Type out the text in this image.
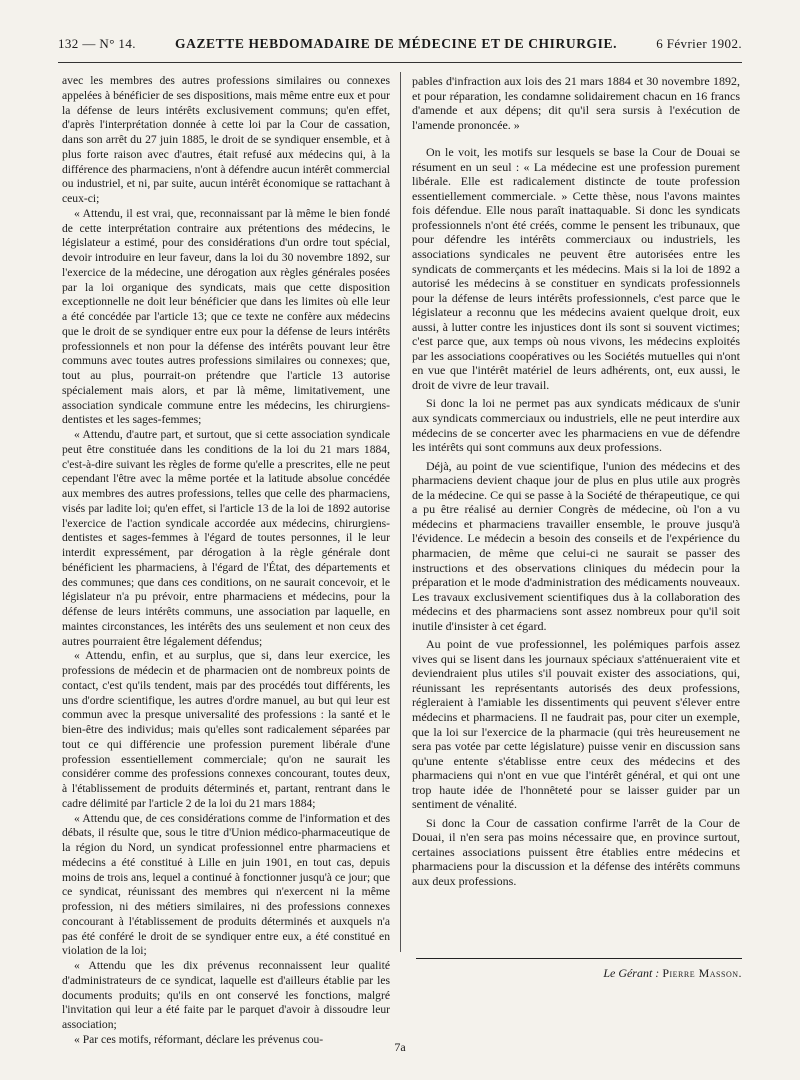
132 — N° 14.	GAZETTE HEBDOMADAIRE DE MÉDECINE ET DE CHIRURGIE.	6 Février 1902.

avec les membres des autres professions similaires ou connexes appelées à bénéficier de ses dispositions, mais même entre eux et pour la défense de leurs intérêts exclusivement communs; qu'en effet, d'après l'interprétation donnée à cette loi par la Cour de cassation, dans son arrêt du 27 juin 1885, le droit de se syndiquer ensemble, et à plus forte raison avec d'autres, était refusé aux médecins qui, à la différence des pharmaciens, n'ont à défendre aucun intérêt commercial ou industriel, et ni, par suite, aucun intérêt économique se rattachant à ceux-ci;

« Attendu, il est vrai, que, reconnaissant par là même le bien fondé de cette interprétation contraire aux prétentions des médecins, le législateur a estimé, pour des considérations d'un ordre tout spécial, devoir introduire en leur faveur, dans la loi du 30 novembre 1892, sur l'exercice de la médecine, une dérogation aux règles générales posées par la loi organique des syndicats, mais que cette disposition exceptionnelle ne doit leur bénéficier que dans les limites où elle leur a été concédée par l'article 13; que ce texte ne confère aux médecins que le droit de se syndiquer entre eux pour la défense de leurs intérêts professionnels et non pour la défense des intérêts pouvant leur être communs avec toutes autres professions similaires ou connexes; que, tout au plus, pourrait-on prétendre que l'article 13 autorise spécialement mais alors, et par là même, limitativement, une association syndicale commune entre les médecins, les chirurgiens-dentistes et les sages-femmes;

« Attendu, d'autre part, et surtout, que si cette association syndicale peut être constituée dans les conditions de la loi du 21 mars 1884, c'est-à-dire suivant les règles de forme qu'elle a prescrites, elle ne peut cependant l'être avec la même portée et la latitude absolue concédée aux membres des autres professions, telles que celle des pharmaciens, visés par ladite loi; qu'en effet, si l'article 13 de la loi de 1892 autorise l'exercice de l'action syndicale accordée aux médecins, chirurgiens-dentistes et sages-femmes à l'égard de toutes personnes, il le leur interdit expressément, par dérogation à la règle générale dont bénéficient les pharmaciens, à l'égard de l'État, des départements et des communes; que dans ces conditions, on ne saurait concevoir, et le législateur n'a pu prévoir, entre pharmaciens et médecins, pour la défense de leurs intérêts communs, une association par laquelle, en maintes circonstances, les intérêts des uns seulement et non ceux des autres pourraient être légalement défendus;

« Attendu, enfin, et au surplus, que si, dans leur exercice, les professions de médecin et de pharmacien ont de nombreux points de contact, c'est qu'ils tendent, mais par des procédés tout différents, les uns d'ordre scientifique, les autres d'ordre manuel, au but qui leur est commun avec la presque universalité des professions : la santé et le bien-être des individus; mais qu'elles sont radicalement séparées par tout ce qui différencie une profession purement libérale d'une profession essentiellement commerciale; qu'on ne saurait les considérer comme des professions connexes concourant, toutes deux, à l'établissement de produits déterminés et, partant, rentrant dans le cadre délimité par l'article 2 de la loi du 21 mars 1884;

« Attendu que, de ces considérations comme de l'information et des débats, il résulte que, sous le titre d'Union médico-pharmaceutique de la région du Nord, un syndicat professionnel entre pharmaciens et médecins a été constitué à Lille en juin 1901, en tout cas, depuis moins de trois ans, lequel a continué à fonctionner jusqu'à ce jour; que ce syndicat, réunissant des membres qui n'exercent ni la même profession, ni des métiers similaires, ni des professions connexes concourant à l'établissement de produits déterminés et auxquels n'a pas été conféré le droit de se syndiquer entre eux, a été constitué en violation de la loi;

« Attendu que les dix prévenus reconnaissent leur qualité d'administrateurs de ce syndicat, laquelle est d'ailleurs établie par les documents produits; qu'ils en ont conservé les fonctions, malgré l'invitation qui leur a été faite par le parquet d'avoir à dissoudre leur association;

« Par ces motifs, réformant, déclare les prévenus cou-

pables d'infraction aux lois des 21 mars 1884 et 30 novembre 1892, et pour réparation, les condamne solidairement chacun en 16 francs d'amende et aux dépens; dit qu'il sera sursis à l'exécution de l'amende prononcée. »

On le voit, les motifs sur lesquels se base la Cour de Douai se résument en un seul : « La médecine est une profession purement libérale. Elle est radicalement distincte de toute profession essentiellement commerciale. » Cette thèse, nous l'avons maintes fois défendue. Elle nous paraît inattaquable. Si donc les syndicats professionnels n'ont été créés, comme le pensent les tribunaux, que pour défendre les intérêts commerciaux ou industriels, les associations syndicales ne peuvent être autorisées entre les syndicats de commerçants et les médecins. Mais si la loi de 1892 a autorisé les médecins à se constituer en syndicats professionnels pour la défense de leurs intérêts professionnels, c'est parce que le législateur a reconnu que les médecins avaient quelque droit, eux aussi, à lutter contre les injustices dont ils sont si souvent victimes; c'est parce que, aux temps où nous vivons, les médecins exploités par les associations coopératives ou les Sociétés mutuelles qui n'ont en vue que l'intérêt matériel de leurs adhérents, ont, eux aussi, le droit de vivre de leur travail.

Si donc la loi ne permet pas aux syndicats médicaux de s'unir aux syndicats commerciaux ou industriels, elle ne peut interdire aux médecins de se concerter avec les pharmaciens en vue de défendre les intérêts qui sont communs aux deux professions.

Déjà, au point de vue scientifique, l'union des médecins et des pharmaciens devient chaque jour de plus en plus utile aux progrès de la médecine. Ce qui se passe à la Société de thérapeutique, ce qui a pu être réalisé au dernier Congrès de médecine, où l'on a vu médecins et pharmaciens travailler ensemble, le prouve jusqu'à l'évidence. Le médecin a besoin des conseils et de l'expérience du pharmacien, de même que celui-ci ne saurait se passer des instructions et des observations cliniques du médecin pour la préparation et le mode d'administration des médicaments nouveaux. Les travaux exclusivement scientifiques dus à la collaboration des médecins et des pharmaciens sont assez nombreux pour qu'il soit inutile d'insister à cet égard.

Au point de vue professionnel, les polémiques parfois assez vives qui se lisent dans les journaux spéciaux s'atténueraient vite et deviendraient plus utiles s'il pouvait exister des associations, qui, réunissant les représentants autorisés des deux professions, régleraient à l'amiable les dissentiments qui peuvent s'élever entre médecins et pharmaciens. Il ne faudrait pas, pour citer un exemple, que la loi sur l'exercice de la pharmacie (qui très heureusement ne sera pas votée par cette législature) puisse venir en discussion sans qu'une entente s'établisse entre ceux des médecins et des pharmaciens qui n'ont en vue que l'intérêt général, et qui ont une trop haute idée de l'honnêteté pour se laisser guider par un sentiment de vénalité.

Si donc la Cour de cassation confirme l'arrêt de la Cour de Douai, il n'en sera pas moins nécessaire que, en province surtout, certaines associations puissent être établies entre médecins et pharmaciens pour la discussion et la défense des intérêts communs aux deux professions.

Le Gérant : Pierre Masson.
7a
